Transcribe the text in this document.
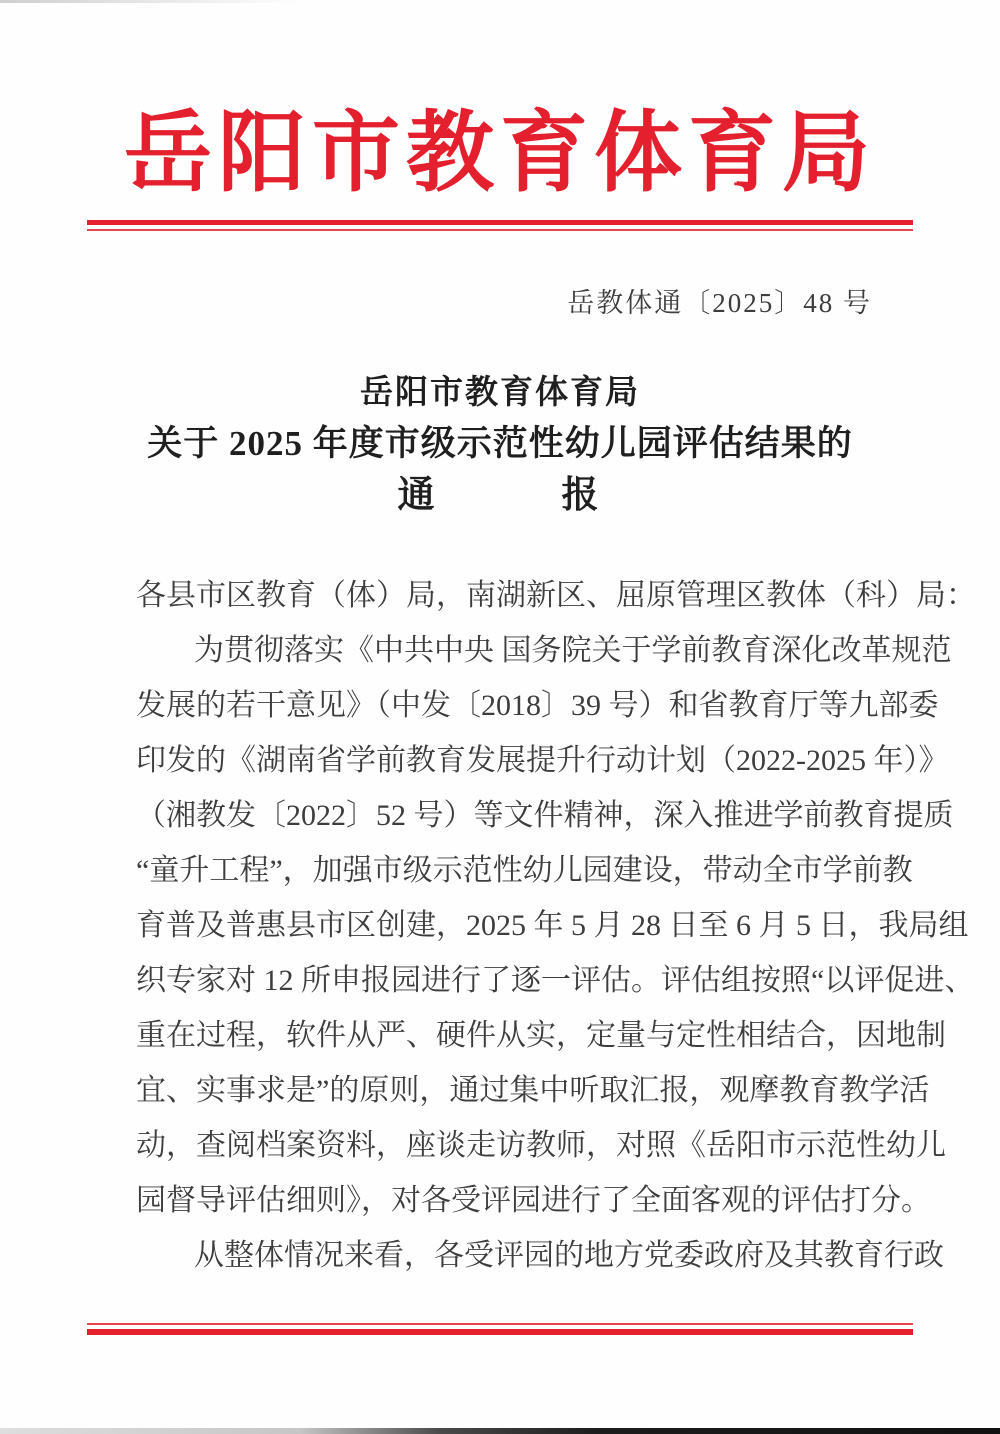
岳阳市教育体育局
岳教体通〔2025〕48 号
岳阳市教育体育局
关于 2025 年度市级示范性幼儿园评估结果的
通　　　报
各县市区教育（体）局，南湖新区、屈原管理区教体（科）局：
为贯彻落实《中共中央 国务院关于学前教育深化改革规范
发展的若干意见》（中发〔2018〕39 号）和省教育厅等九部委
印发的《湖南省学前教育发展提升行动计划（2022-2025 年）》
（湘教发〔2022〕52 号）等文件精神，深入推进学前教育提质
“童升工程”，加强市级示范性幼儿园建设，带动全市学前教
育普及普惠县市区创建，2025 年 5 月 28 日至 6 月 5 日，我局组
织专家对 12 所申报园进行了逐一评估。评估组按照“以评促进、
重在过程，软件从严、硬件从实，定量与定性相结合，因地制
宜、实事求是”的原则，通过集中听取汇报，观摩教育教学活
动，查阅档案资料，座谈走访教师，对照《岳阳市示范性幼儿
园督导评估细则》，对各受评园进行了全面客观的评估打分。
从整体情况来看，各受评园的地方党委政府及其教育行政
